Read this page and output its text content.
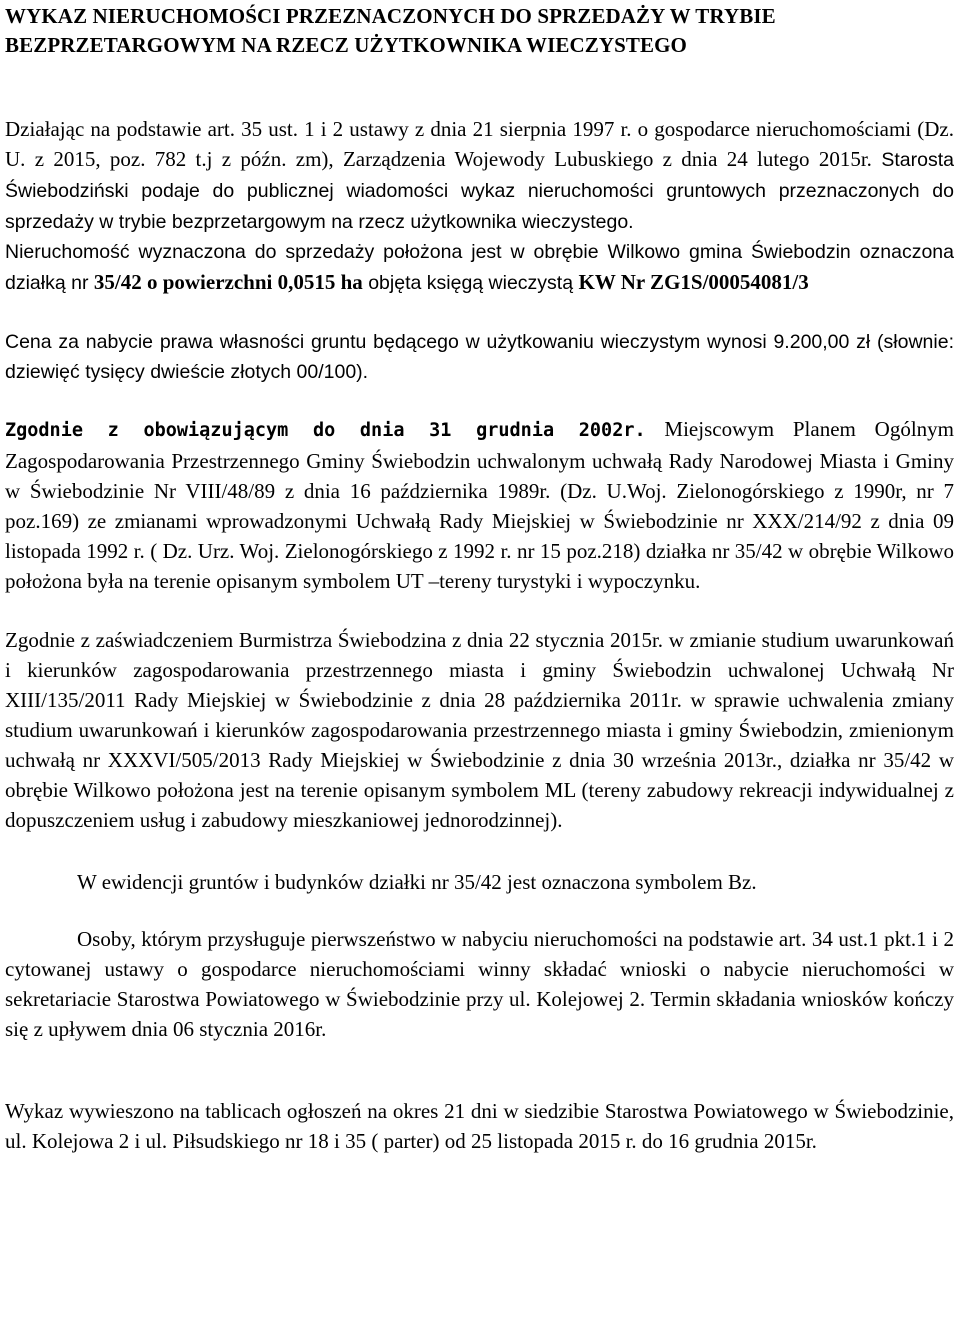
WYKAZ NIERUCHOMOŚCI PRZEZNACZONYCH DO SPRZEDAŻY W TRYBIE BEZPRZETARGOWYM NA RZECZ UŻYTKOWNIKA WIECZYSTEGO

Działając na podstawie art. 35 ust. 1 i 2 ustawy z dnia 21 sierpnia 1997 r. o gospodarce nieruchomościami (Dz. U. z 2015, poz. 782 t.j z późn. zm), Zarządzenia Wojewody Lubuskiego z dnia 24 lutego 2015r. Starosta Świebodziński podaje do publicznej wiadomości wykaz nieruchomości gruntowych przeznaczonych do sprzedaży w trybie bezprzetargowym na rzecz użytkownika wieczystego.

Nieruchomość wyznaczona do sprzedaży położona jest w obrębie Wilkowo gmina Świebodzin oznaczona działką nr 35/42 o powierzchni 0,0515 ha objęta księgą wieczystą KW Nr ZG1S/00054081/3

Cena za nabycie prawa własności gruntu będącego w użytkowaniu wieczystym wynosi 9.200,00 zł (słownie: dziewięć tysięcy dwieście złotych 00/100).

Zgodnie z obowiązującym do dnia 31 grudnia 2002r. Miejscowym Planem Ogólnym Zagospodarowania Przestrzennego Gminy Świebodzin uchwalonym uchwałą Rady Narodowej Miasta i Gminy w Świebodzinie Nr VIII/48/89 z dnia 16 października 1989r. (Dz. U.Woj. Zielonogórskiego z 1990r, nr 7 poz.169) ze zmianami wprowadzonymi Uchwałą Rady Miejskiej w Świebodzinie nr XXX/214/92 z dnia 09 listopada 1992 r. ( Dz. Urz. Woj. Zielonogórskiego z 1992 r. nr 15 poz.218) działka nr 35/42 w obrębie Wilkowo położona była na terenie opisanym symbolem UT –tereny turystyki i wypoczynku.

Zgodnie z zaświadczeniem Burmistrza Świebodzina z dnia 22 stycznia 2015r. w zmianie studium uwarunkowań i kierunków zagospodarowania przestrzennego miasta i gminy Świebodzin uchwalonej Uchwałą Nr XIII/135/2011 Rady Miejskiej w Świebodzinie z dnia 28 października 2011r. w sprawie uchwalenia zmiany studium uwarunkowań i kierunków zagospodarowania przestrzennego miasta i gminy Świebodzin, zmienionym uchwałą nr XXXVI/505/2013 Rady Miejskiej w Świebodzinie z dnia 30 września 2013r., działka nr 35/42 w obrębie Wilkowo położona jest na terenie opisanym symbolem ML (tereny zabudowy rekreacji indywidualnej z dopuszczeniem usług i zabudowy mieszkaniowej jednorodzinnej).

W ewidencji gruntów i budynków działki nr 35/42 jest oznaczona symbolem Bz.

Osoby, którym przysługuje pierwszeństwo w nabyciu nieruchomości na podstawie art. 34 ust.1 pkt.1 i 2 cytowanej ustawy o gospodarce nieruchomościami winny składać wnioski o nabycie nieruchomości w sekretariacie Starostwa Powiatowego w Świebodzinie przy ul. Kolejowej 2. Termin składania wniosków kończy się z upływem dnia 06 stycznia 2016r.

Wykaz wywieszono na tablicach ogłoszeń na okres 21 dni w siedzibie Starostwa Powiatowego w Świebodzinie, ul. Kolejowa 2 i ul. Piłsudskiego nr 18 i 35 ( parter) od 25 listopada 2015 r. do 16 grudnia 2015r.
